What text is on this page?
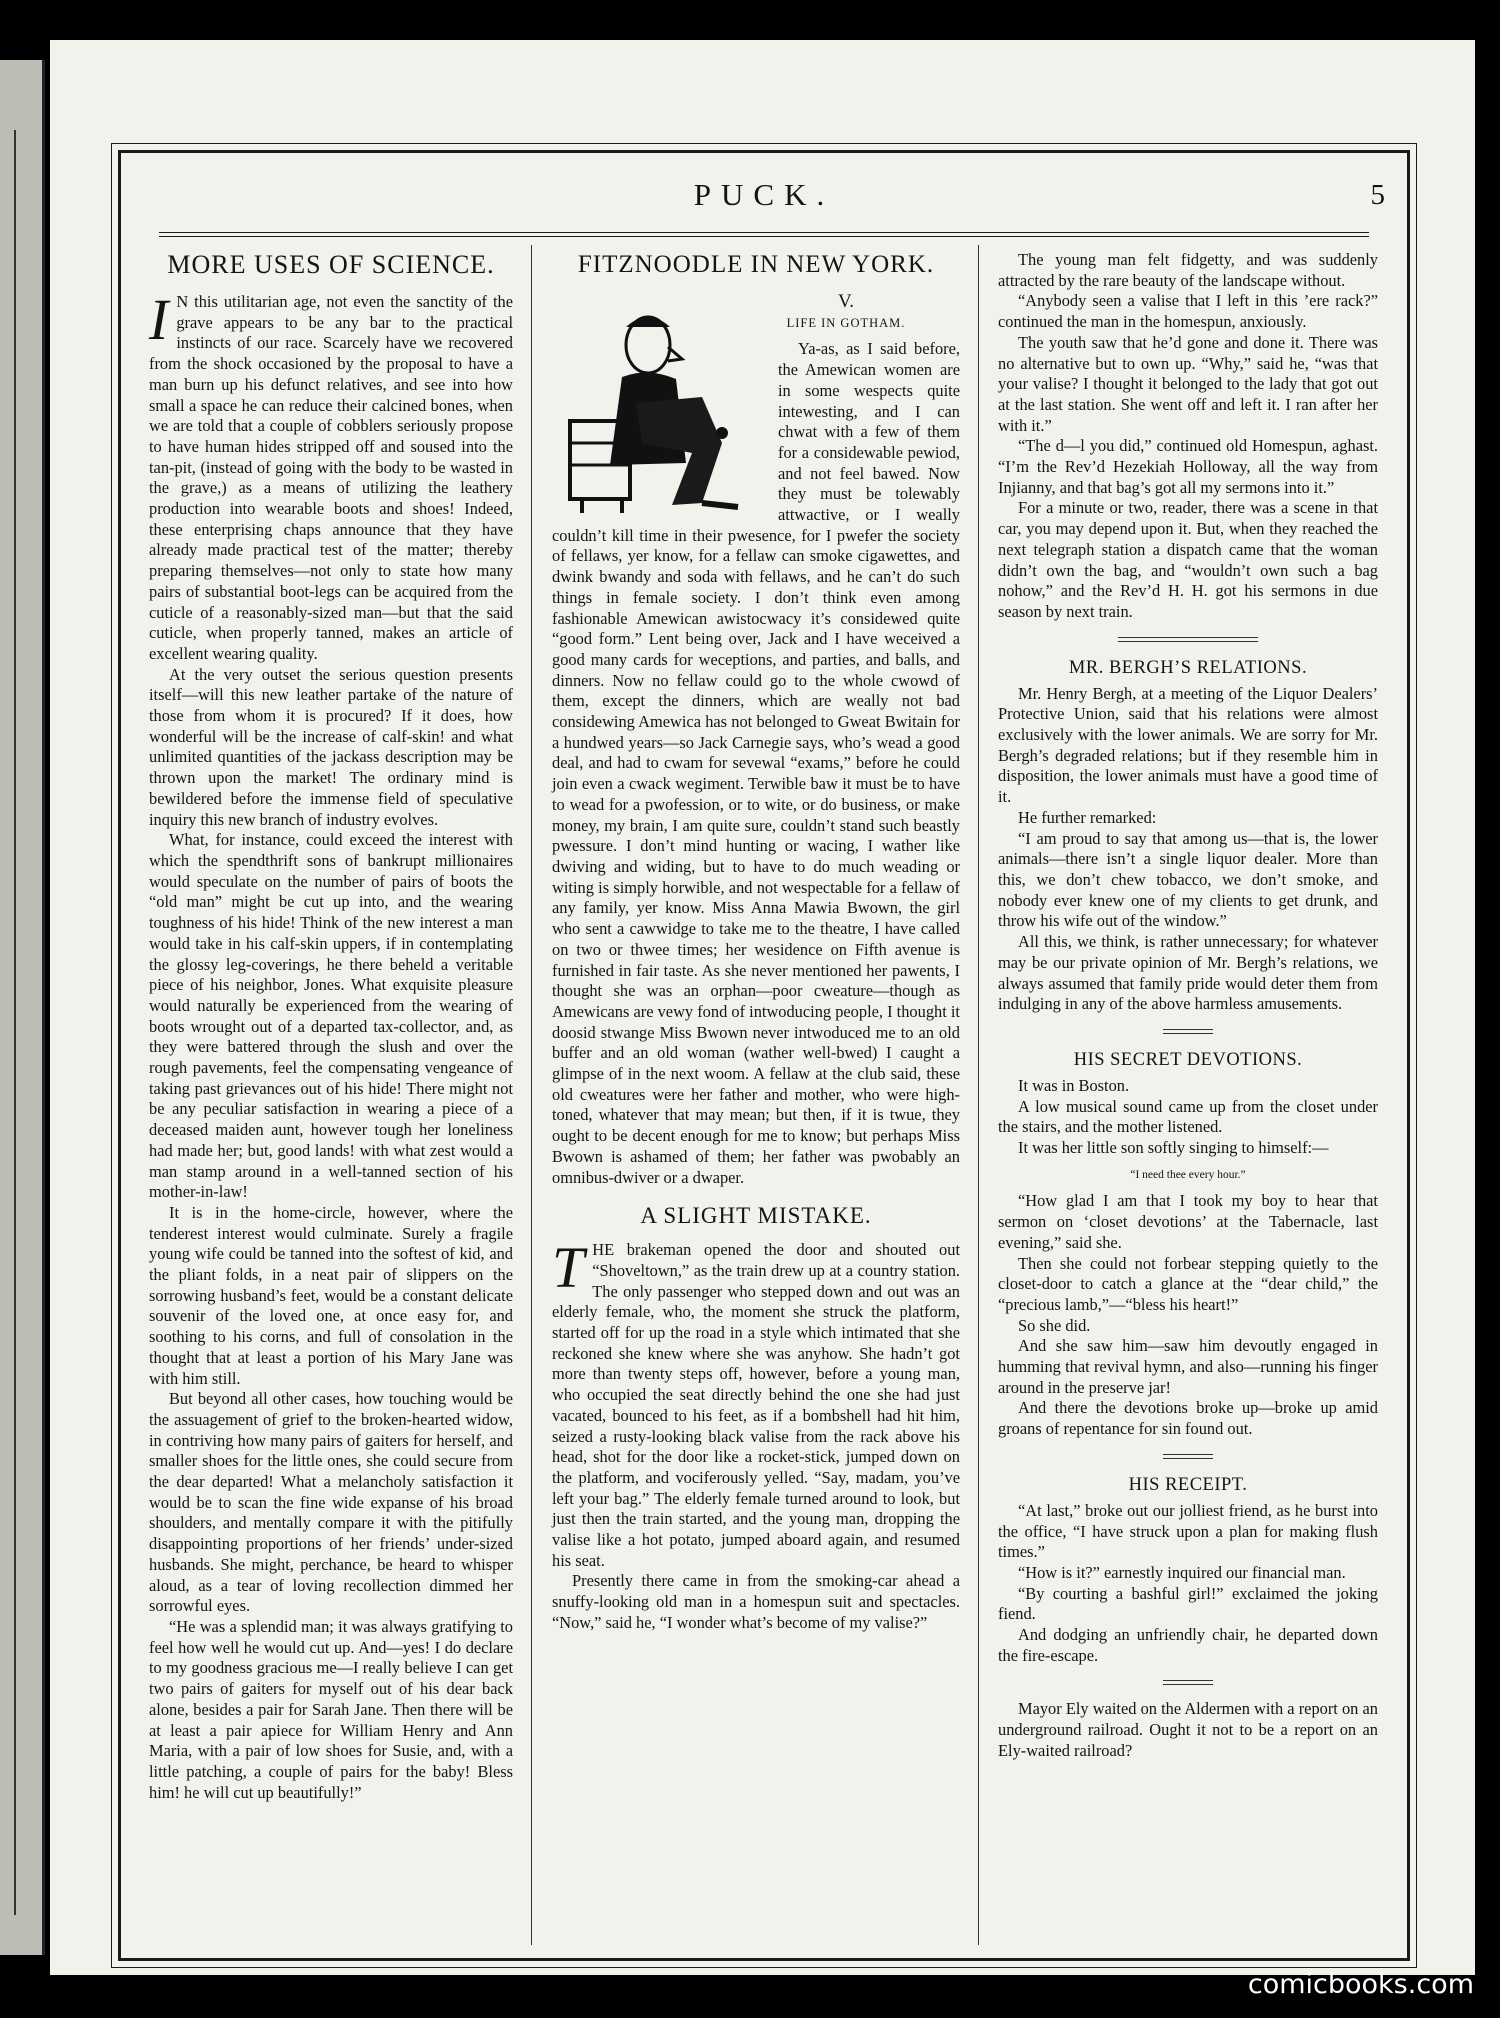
PUCK.	5
MORE USES OF SCIENCE.

I N this utilitarian age, not even the sanctity of the grave appears to be any bar to the practical instincts of our race. Scarcely have we recovered from the shock occasioned by the proposal to have a man burn up his defunct relatives, and see into how small a space he can reduce their calcined bones, when we are told that a couple of cobblers seriously propose to have human hides stripped off and soused into the tan-pit, (instead of going with the body to be wasted in the grave,) as a means of utilizing the leathery production into wearable boots and shoes! Indeed, these enterprising chaps announce that they have already made practical test of the matter; thereby preparing themselves—not only to state how many pairs of substantial boot-legs can be acquired from the cuticle of a reasonably-sized man—but that the said cuticle, when properly tanned, makes an article of excellent wearing quality.

At the very outset the serious question presents itself—will this new leather partake of the nature of those from whom it is procured? If it does, how wonderful will be the increase of calf-skin! and what unlimited quantities of the jackass description may be thrown upon the market! The ordinary mind is bewildered before the immense field of speculative inquiry this new branch of industry evolves.

What, for instance, could exceed the interest with which the spendthrift sons of bankrupt millionaires would speculate on the number of pairs of boots the “old man” might be cut up into, and the wearing toughness of his hide! Think of the new interest a man would take in his calf-skin uppers, if in contemplating the glossy leg-coverings, he there beheld a veritable piece of his neighbor, Jones. What exquisite pleasure would naturally be experienced from the wearing of boots wrought out of a departed tax-collector, and, as they were battered through the slush and over the rough pavements, feel the compensating vengeance of taking past grievances out of his hide! There might not be any peculiar satisfaction in wearing a piece of a deceased maiden aunt, however tough her loneliness had made her; but, good lands! with what zest would a man stamp around in a well-tanned section of his mother-in-law!

It is in the home-circle, however, where the tenderest interest would culminate. Surely a fragile young wife could be tanned into the softest of kid, and the pliant folds, in a neat pair of slippers on the sorrowing husband’s feet, would be a constant delicate souvenir of the loved one, at once easy for, and soothing to his corns, and full of consolation in the thought that at least a portion of his Mary Jane was with him still.

But beyond all other cases, how touching would be the assuagement of grief to the broken-hearted widow, in contriving how many pairs of gaiters for herself, and smaller shoes for the little ones, she could secure from the dear departed! What a melancholy satisfaction it would be to scan the fine wide expanse of his broad shoulders, and mentally compare it with the pitifully disappointing proportions of her friends’ under-sized husbands. She might, perchance, be heard to whisper aloud, as a tear of loving recollection dimmed her sorrowful eyes.

“He was a splendid man; it was always gratifying to feel how well he would cut up. And—yes! I do declare to my goodness gracious me—I really believe I can get two pairs of gaiters for myself out of his dear back alone, besides a pair for Sarah Jane. Then there will be at least a pair apiece for William Henry and Ann Maria, with a pair of low shoes for Susie, and, with a little patching, a couple of pairs for the baby! Bless him! he will cut up beautifully!”

FITZNOODLE IN NEW YORK.
V.
LIFE IN GOTHAM.

Ya-as, as I said before, the Amewican women are in some wespects quite intewesting, and I can chwat with a few of them for a considewable pewiod, and not feel bawed. Now they must be tolewably attwactive, or I weally couldn’t kill time in their pwesence, for I pwefer the society of fellaws, yer know, for a fellaw can smoke cigawettes, and dwink bwandy and soda with fellaws, and he can’t do such things in female society. I don’t think even among fashionable Amewican awistocwacy it’s considewed quite “good form.” Lent being over, Jack and I have weceived a good many cards for weceptions, and parties, and balls, and dinners. Now no fellaw could go to the whole cwowd of them, except the dinners, which are weally not bad considewing Amewica has not belonged to Gweat Bwitain for a hundwed years—so Jack Carnegie says, who’s wead a good deal, and had to cwam for sevewal “exams,” before he could join even a cwack wegiment. Terwible baw it must be to have to wead for a pwofession, or to wite, or do business, or make money, my brain, I am quite sure, couldn’t stand such beastly pwessure. I don’t mind hunting or wacing, I wather like dwiving and widing, but to have to do much weading or witing is simply horwible, and not wespectable for a fellaw of any family, yer know. Miss Anna Mawia Bwown, the girl who sent a cawwidge to take me to the theatre, I have called on two or thwee times; her wesidence on Fifth avenue is furnished in fair taste. As she never mentioned her pawents, I thought she was an orphan—poor cweature—though as Amewicans are vewy fond of intwoducing people, I thought it doosid stwange Miss Bwown never intwoduced me to an old buffer and an old woman (wather well-bwed) I caught a glimpse of in the next woom. A fellaw at the club said, these old cweatures were her father and mother, who were high-toned, whatever that may mean; but then, if it is twue, they ought to be decent enough for me to know; but perhaps Miss Bwown is ashamed of them; her father was pwobably an omnibus-dwiver or a dwaper.

A SLIGHT MISTAKE.

THE brakeman opened the door and shouted out “Shoveltown,” as the train drew up at a country station. The only passenger who stepped down and out was an elderly female, who, the moment she struck the platform, started off for up the road in a style which intimated that she reckoned she knew where she was anyhow. She hadn’t got more than twenty steps off, however, before a young man, who occupied the seat directly behind the one she had just vacated, bounced to his feet, as if a bombshell had hit him, seized a rusty-looking black valise from the rack above his head, shot for the door like a rocket-stick, jumped down on the platform, and vociferously yelled. “Say, madam, you’ve left your bag.” The elderly female turned around to look, but just then the train started, and the young man, dropping the valise like a hot potato, jumped aboard again, and resumed his seat.

Presently there came in from the smoking-car ahead a snuffy-looking old man in a homespun suit and spectacles. “Now,” said he, “I wonder what’s become of my valise?”

The young man felt fidgetty, and was suddenly attracted by the rare beauty of the landscape without.

“Anybody seen a valise that I left in this ’ere rack?” continued the man in the homespun, anxiously.

The youth saw that he’d gone and done it. There was no alternative but to own up. “Why,” said he, “was that your valise? I thought it belonged to the lady that got out at the last station. She went off and left it. I ran after her with it.”

“The d—l you did,” continued old Homespun, aghast. “I’m the Rev’d Hezekiah Holloway, all the way from Injianny, and that bag’s got all my sermons into it.”

For a minute or two, reader, there was a scene in that car, you may depend upon it. But, when they reached the next telegraph station a dispatch came that the woman didn’t own the bag, and “wouldn’t own such a bag nohow,” and the Rev’d H. H. got his sermons in due season by next train.

MR. BERGH’S RELATIONS.

Mr. Henry Bergh, at a meeting of the Liquor Dealers’ Protective Union, said that his relations were almost exclusively with the lower animals. We are sorry for Mr. Bergh’s degraded relations; but if they resemble him in disposition, the lower animals must have a good time of it.

He further remarked:

“I am proud to say that among us—that is, the lower animals—there isn’t a single liquor dealer. More than this, we don’t chew tobacco, we don’t smoke, and nobody ever knew one of my clients to get drunk, and throw his wife out of the window.”

All this, we think, is rather unnecessary; for whatever may be our private opinion of Mr. Bergh’s relations, we always assumed that family pride would deter them from indulging in any of the above harmless amusements.

HIS SECRET DEVOTIONS.

It was in Boston.

A low musical sound came up from the closet under the stairs, and the mother listened.

It was her little son softly singing to himself:—

“I need thee every hour.”

“How glad I am that I took my boy to hear that sermon on ‘closet devotions’ at the Tabernacle, last evening,” said she.

Then she could not forbear stepping quietly to the closet-door to catch a glance at the “dear child,” the “precious lamb,”—“bless his heart!”

So she did.

And she saw him—saw him devoutly engaged in humming that revival hymn, and also—running his finger around in the preserve jar!

And there the devotions broke up—broke up amid groans of repentance for sin found out.

HIS RECEIPT.

“At last,” broke out our jolliest friend, as he burst into the office, “I have struck upon a plan for making flush times.”

“How is it?” earnestly inquired our financial man.

“By courting a bashful girl!” exclaimed the joking fiend.

And dodging an unfriendly chair, he departed down the fire-escape.

Mayor Ely waited on the Aldermen with a report on an underground railroad. Ought it not to be a report on an Ely-waited railroad?

comicbooks.com
